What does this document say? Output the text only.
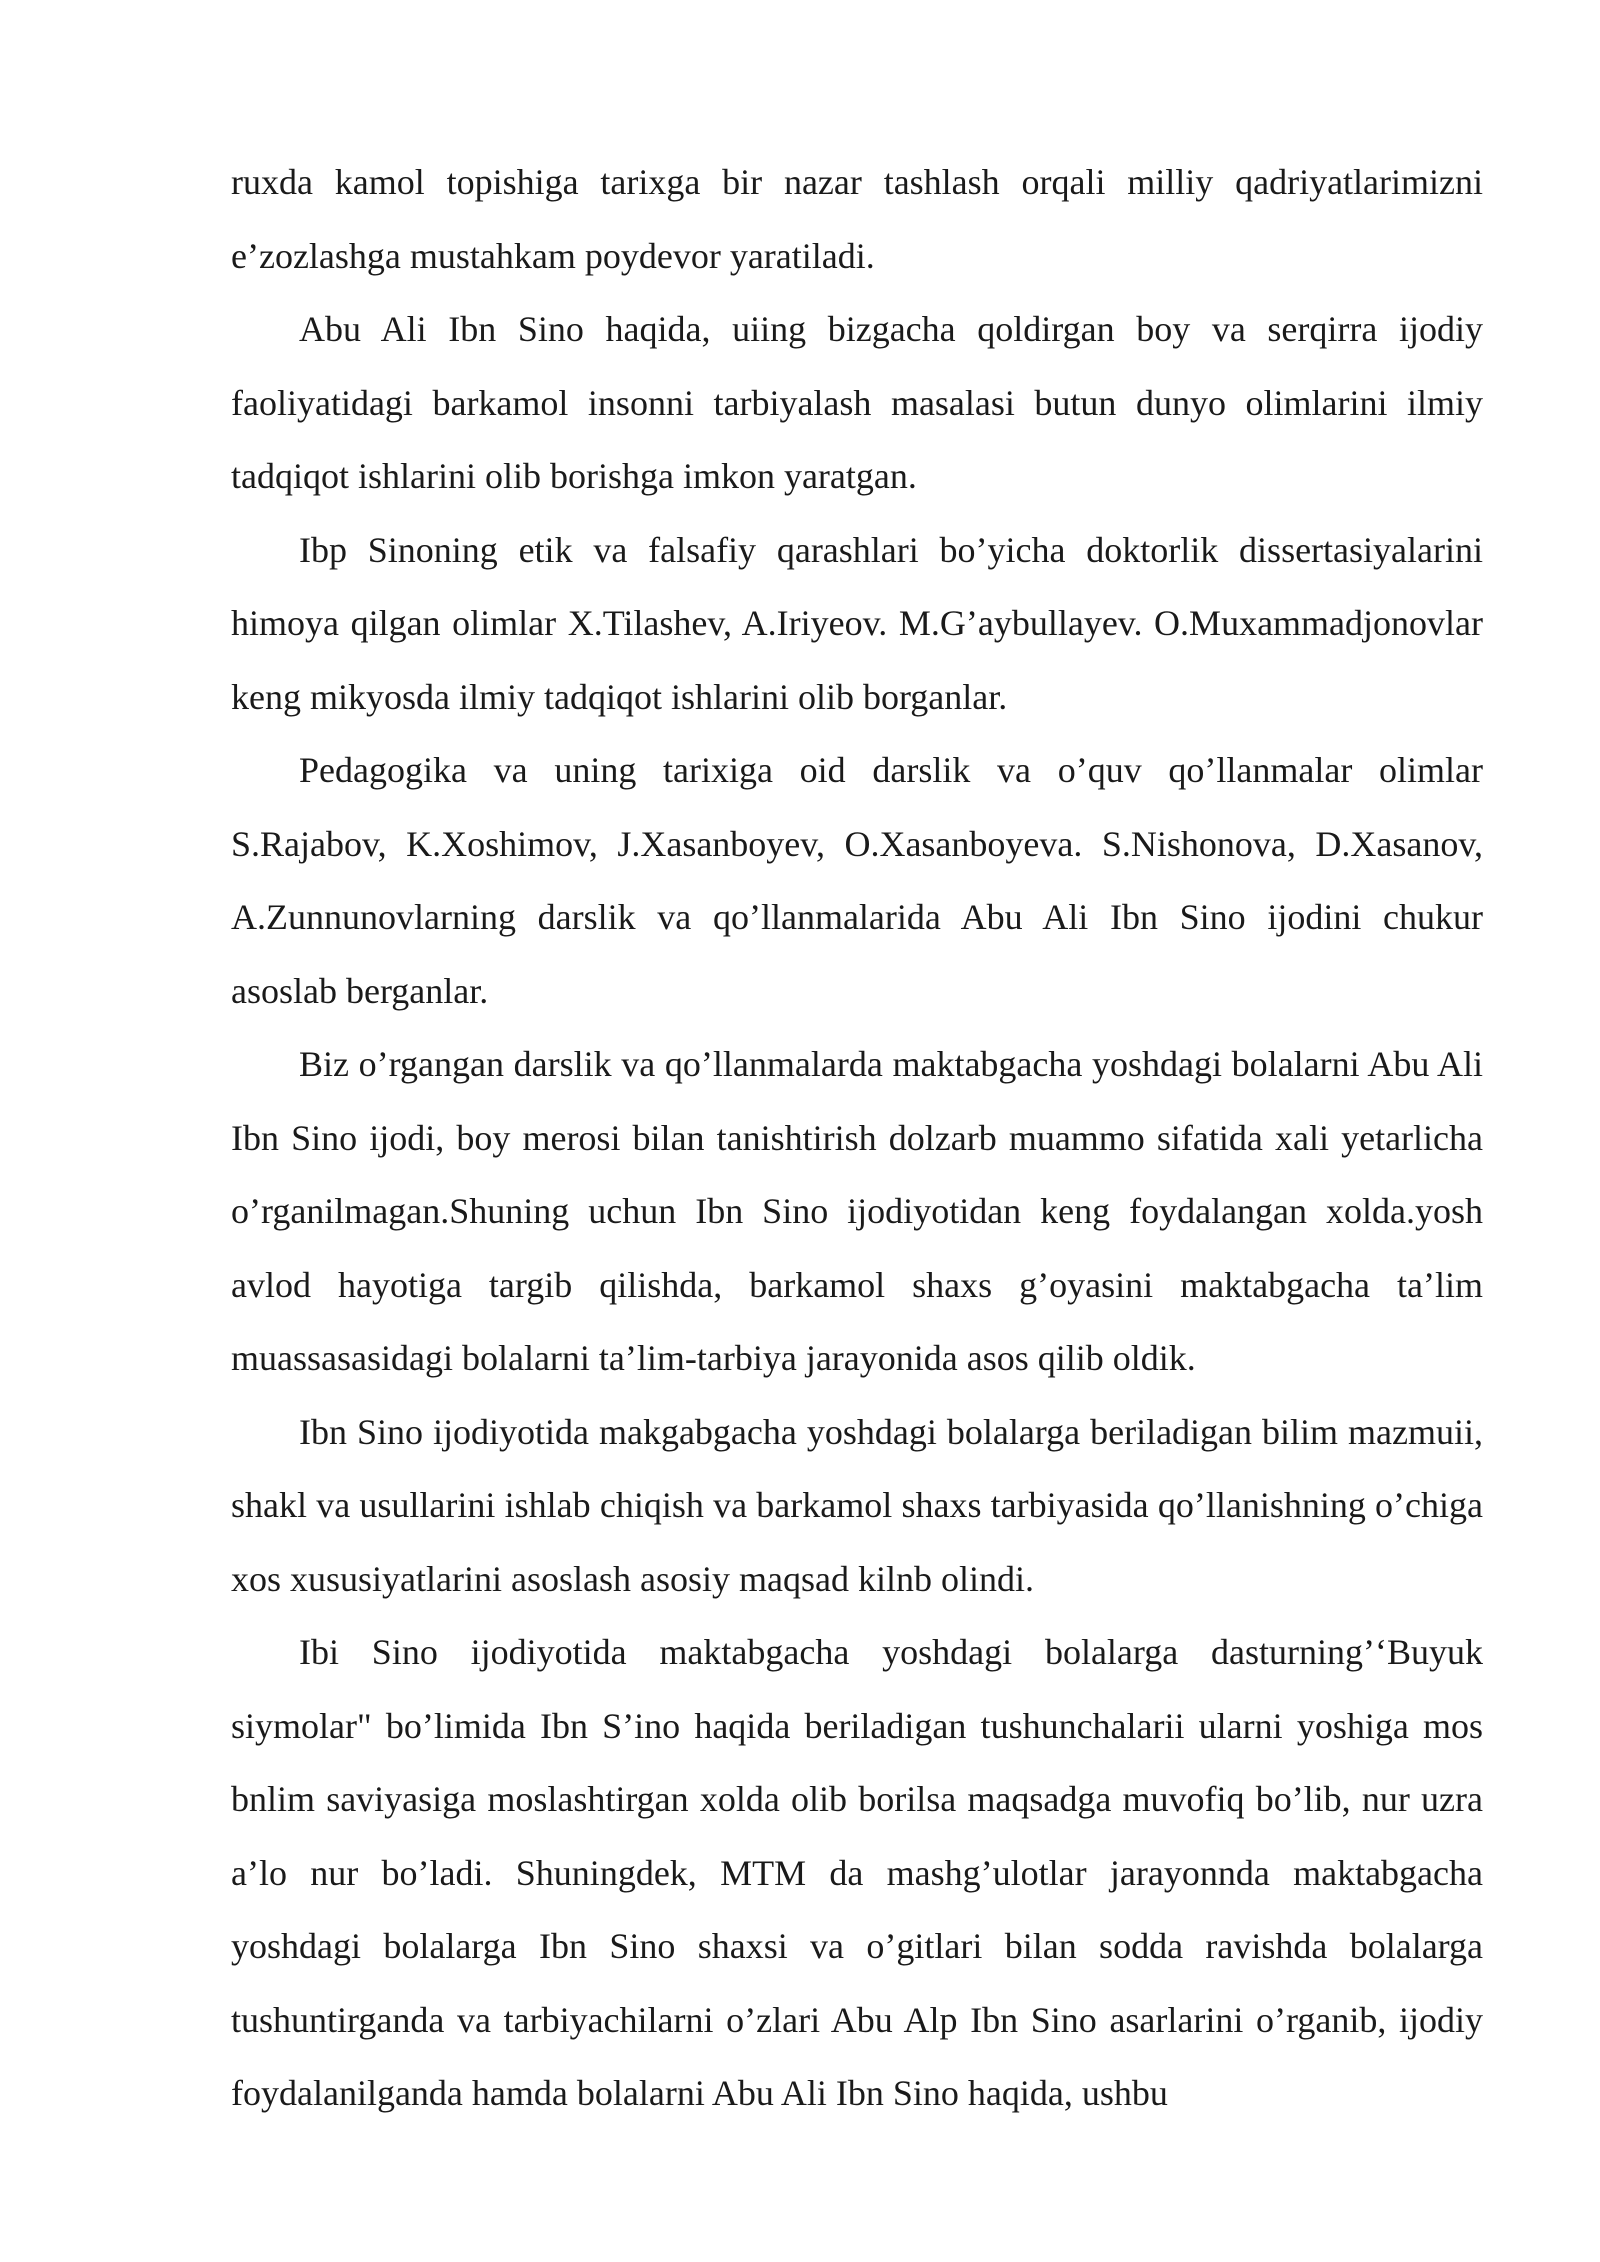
ruxda kamol topishiga tarixga bir nazar tashlash orqali milliy qadriyatlarimizni e’zozlashga mustahkam poydevor yaratiladi.

Abu Ali Ibn Sino haqida, uiing bizgacha qoldirgan boy va serqirra ijodiy faoliyatidagi barkamol insonni tarbiyalash masalasi butun dunyo olimlarini ilmiy tadqiqot ishlarini olib borishga imkon yaratgan.

Ibp Sinoning etik va falsafiy qarashlari bo’yicha doktorlik dissertasiyalarini himoya qilgan olimlar X.Tilashev, A.Iriyeov. M.G’aybullayev. O.Muxammadjonovlar keng mikyosda ilmiy tadqiqot ishlarini olib borganlar.

Pedagogika va uning tarixiga oid darslik va o’quv qo’llanmalar olimlar S.Rajabov, K.Xoshimov, J.Xasanboyev, O.Xasanboyeva. S.Nishonova, D.Xasanov, A.Zunnunovlarning darslik va qo’llanmalarida Abu Ali Ibn Sino ijodini chukur asoslab berganlar.

Biz o’rgangan darslik va qo’llanmalarda maktabgacha yoshdagi bolalarni Abu Ali Ibn Sino ijodi, boy merosi bilan tanishtirish dolzarb muammo sifatida xali yetarlicha o’rganilmagan.Shuning uchun Ibn Sino ijodiyotidan keng foydalangan xolda.yosh avlod hayotiga targib qilishda, barkamol shaxs g’oyasini maktabgacha ta’lim muassasasidagi bolalarni ta’lim-tarbiya jarayonida asos qilib oldik.

Ibn Sino ijodiyotida makgabgacha yoshdagi bolalarga beriladigan bilim mazmuii, shakl va usullarini ishlab chiqish va barkamol shaxs tarbiyasida qo’llanishning o’chiga xos xususiyatlarini asoslash asosiy maqsad kilnb olindi.

Ibi Sino ijodiyotida maktabgacha yoshdagi bolalarga dasturning’‘Buyuk siymolar" bo’limida Ibn S’ino haqida beriladigan tushunchalarii ularni yoshiga mos bnlim saviyasiga moslashtirgan xolda olib borilsa maqsadga muvofiq bo’lib, nur uzra a’lo nur bo’ladi. Shuningdek, MTM da mashg’ulotlar jarayonnda maktabgacha yoshdagi bolalarga Ibn Sino shaxsi va o’gitlari bilan sodda ravishda bolalarga tushuntirganda va tarbiyachilarni o’zlari Abu Alp Ibn Sino asarlarini o’rganib, ijodiy foydalanilganda hamda bolalarni Abu Ali Ibn Sino haqida, ushbu
